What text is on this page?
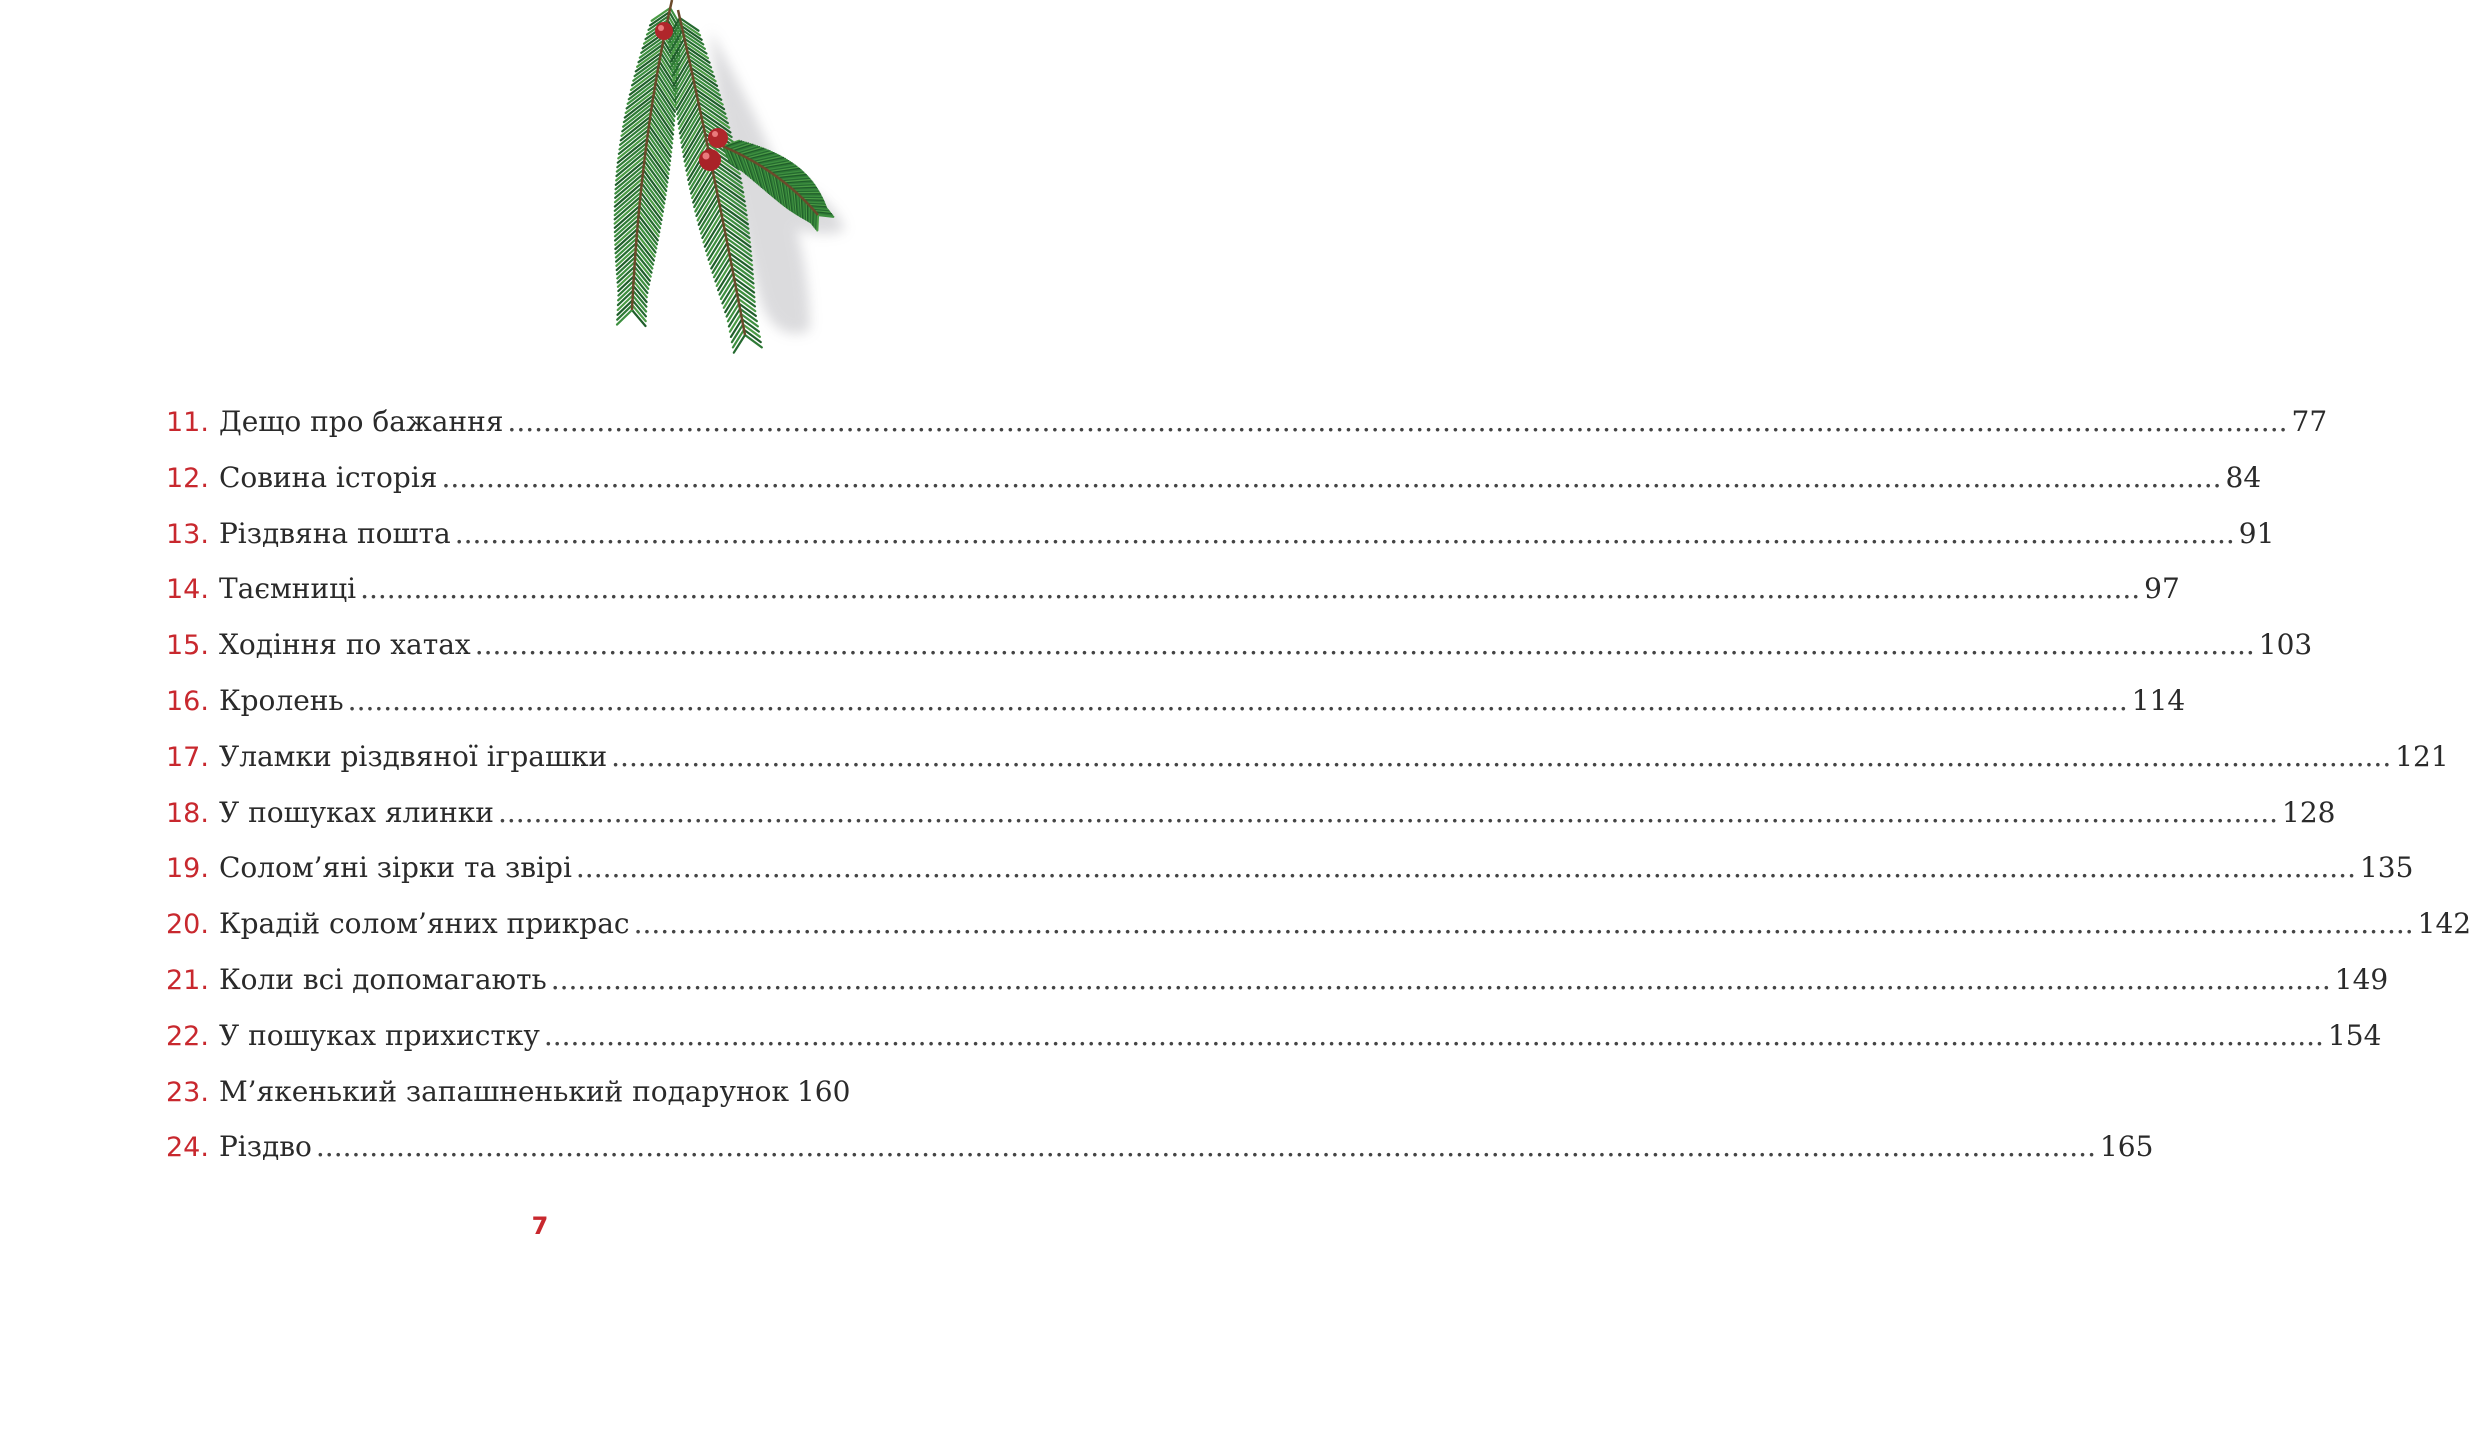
11. Дещо про бажання ........................................................................................................................................................................................................ 77
12. Совина історія ........................................................................................................................................................................................................ 84
13. Різдвяна пошта ........................................................................................................................................................................................................ 91
14. Таємниці ........................................................................................................................................................................................................ 97
15. Ходіння по хатах ........................................................................................................................................................................................................ 103
16. Кролень ........................................................................................................................................................................................................ 114
17. Уламки різдвяної іграшки ........................................................................................................................................................................................................ 121
18. У пошуках ялинки ........................................................................................................................................................................................................ 128
19. Солом’яні зірки та звірі ........................................................................................................................................................................................................ 135
20. Крадій солом’яних прикрас ........................................................................................................................................................................................................ 142
21. Коли всі допомагають ........................................................................................................................................................................................................ 149
22. У пошуках прихистку ........................................................................................................................................................................................................ 154
23. М’якенький запашненький подарунок 160
24. Різдво ........................................................................................................................................................................................................ 165
7
